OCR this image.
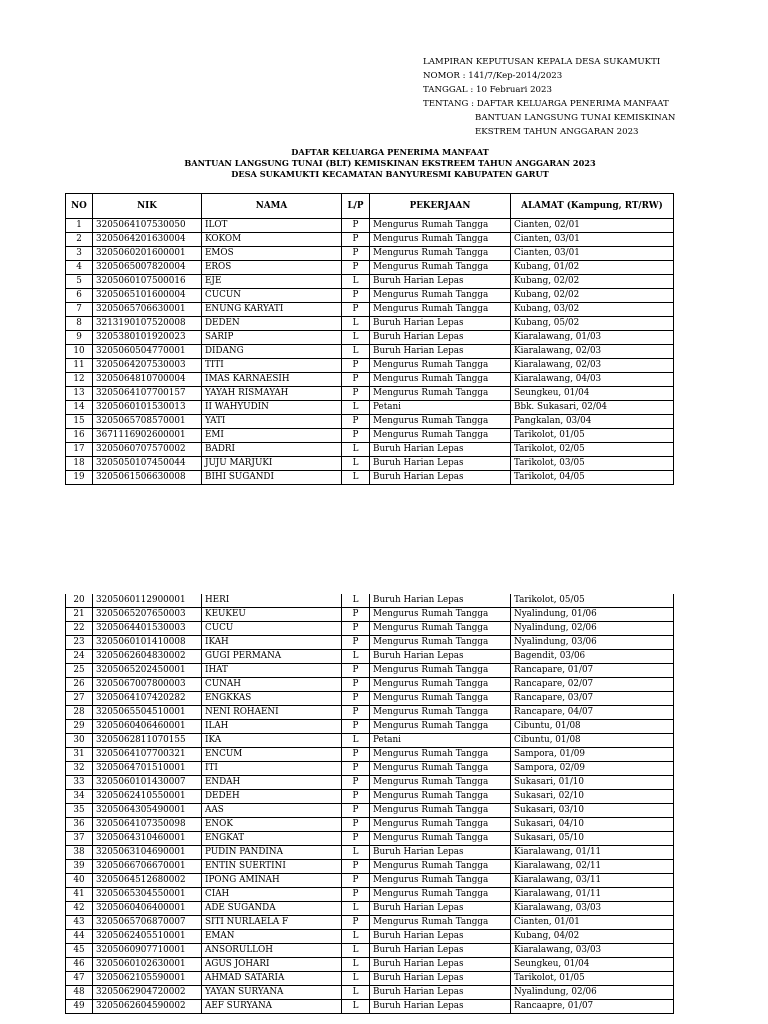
LAMPIRAN KEPUTUSAN KEPALA DESA SUKAMUKTI
NOMOR : 141/7/Kep-2014/2023
TANGGAL : 10 Februari 2023
TENTANG : DAFTAR KELUARGA PENERIMA MANFAAT
BANTUAN LANGSUNG TUNAI KEMISKINAN
EKSTREM TAHUN ANGGARAN 2023
DAFTAR KELUARGA PENERIMA MANFAAT
BANTUAN LANGSUNG TUNAI (BLT) KEMISKINAN EKSTREEM TAHUN ANGGARAN 2023
DESA SUKAMUKTI KECAMATAN BANYURESMI KABUPATEN GARUT
NO	NIK	NAMA	L/P	PEKERJAAN	ALAMAT (Kampung, RT/RW)
1	3205064107530050	ILOT	P	Mengurus Rumah Tangga	Cianten, 02/01
2	3205064201630004	KOKOM	P	Mengurus Rumah Tangga	Cianten, 03/01
3	3205060201600001	EMOS	P	Mengurus Rumah Tangga	Cianten, 03/01
4	3205065007820004	EROS	P	Mengurus Rumah Tangga	Kubang, 01/02
5	3205060107500016	EJE	L	Buruh Harian Lepas	Kubang, 02/02
6	3205065101600004	CUCUN	P	Mengurus Rumah Tangga	Kubang, 02/02
7	3205065706630001	ENUNG KARYATI	P	Mengurus Rumah Tangga	Kubang, 03/02
8	3213190107520008	DEDEN	L	Buruh Harian Lepas	Kubang, 05/02
9	3205380101920023	SARIP	L	Buruh Harian Lepas	Kiaralawang, 01/03
10	3205060504770001	DIDANG	L	Buruh Harian Lepas	Kiaralawang, 02/03
11	3205064207530003	TITI	P	Mengurus Rumah Tangga	Kiaralawang, 02/03
12	3205064810700004	IMAS KARNAESIH	P	Mengurus Rumah Tangga	Kiaralawang, 04/03
13	3205064107700157	YAYAH RISMAYAH	P	Mengurus Rumah Tangga	Seungkeu, 01/04
14	3205060101530013	II WAHYUDIN	L	Petani	Bbk. Sukasari, 02/04
15	3205065708570001	YATI	P	Mengurus Rumah Tangga	Pangkalan, 03/04
16	3671116902600001	EMI	P	Mengurus Rumah Tangga	Tarikolot, 01/05
17	3205060707570002	BADRI	L	Buruh Harian Lepas	Tarikolot, 02/05
18	3205050107450044	JUJU MARJUKI	L	Buruh Harian Lepas	Tarikolot, 03/05
19	3205061506630008	BIHI SUGANDI	L	Buruh Harian Lepas	Tarikolot, 04/05
20	3205060112900001	HERI	L	Buruh Harian Lepas	Tarikolot, 05/05
21	3205065207650003	KEUKEU	P	Mengurus Rumah Tangga	Nyalindung, 01/06
22	3205064401530003	CUCU	P	Mengurus Rumah Tangga	Nyalindung, 02/06
23	3205060101410008	IKAH	P	Mengurus Rumah Tangga	Nyalindung, 03/06
24	3205062604830002	GUGI PERMANA	L	Buruh Harian Lepas	Bagendit, 03/06
25	3205065202450001	IHAT	P	Mengurus Rumah Tangga	Rancapare, 01/07
26	3205067007800003	CUNAH	P	Mengurus Rumah Tangga	Rancapare, 02/07
27	3205064107420282	ENGKKAS	P	Mengurus Rumah Tangga	Rancapare, 03/07
28	3205065504510001	NENI ROHAENI	P	Mengurus Rumah Tangga	Rancapare, 04/07
29	3205060406460001	ILAH	P	Mengurus Rumah Tangga	Cibuntu, 01/08
30	3205062811070155	IKA	L	Petani	Cibuntu, 01/08
31	3205064107700321	ENCUM	P	Mengurus Rumah Tangga	Sampora, 01/09
32	3205064701510001	ITI	P	Mengurus Rumah Tangga	Sampora, 02/09
33	3205060101430007	ENDAH	P	Mengurus Rumah Tangga	Sukasari, 01/10
34	3205062410550001	DEDEH	P	Mengurus Rumah Tangga	Sukasari, 02/10
35	3205064305490001	AAS	P	Mengurus Rumah Tangga	Sukasari, 03/10
36	3205064107350098	ENOK	P	Mengurus Rumah Tangga	Sukasari, 04/10
37	3205064310460001	ENGKAT	P	Mengurus Rumah Tangga	Sukasari, 05/10
38	3205063104690001	PUDIN PANDINA	L	Buruh Harian Lepas	Kiaralawang, 01/11
39	3205066706670001	ENTIN SUERTINI	P	Mengurus Rumah Tangga	Kiaralawang, 02/11
40	3205064512680002	IPONG AMINAH	P	Mengurus Rumah Tangga	Kiaralawang, 03/11
41	3205065304550001	CIAH	P	Mengurus Rumah Tangga	Kiaralawang, 01/11
42	3205060406400001	ADE SUGANDA	L	Buruh Harian Lepas	Kiaralawang, 03/03
43	3205065706870007	SITI NURLAELA F	P	Mengurus Rumah Tangga	Cianten, 01/01
44	3205062405510001	EMAN	L	Buruh Harian Lepas	Kubang, 04/02
45	3205060907710001	ANSORULLOH	L	Buruh Harian Lepas	Kiaralawang, 03/03
46	3205060102630001	AGUS JOHARI	L	Buruh Harian Lepas	Seungkeu, 01/04
47	3205062105590001	AHMAD SATARIA	L	Buruh Harian Lepas	Tarikolot, 01/05
48	3205062904720002	YAYAN SURYANA	L	Buruh Harian Lepas	Nyalindung, 02/06
49	3205062604590002	AEF SURYANA	L	Buruh Harian Lepas	Rancaapre, 01/07
